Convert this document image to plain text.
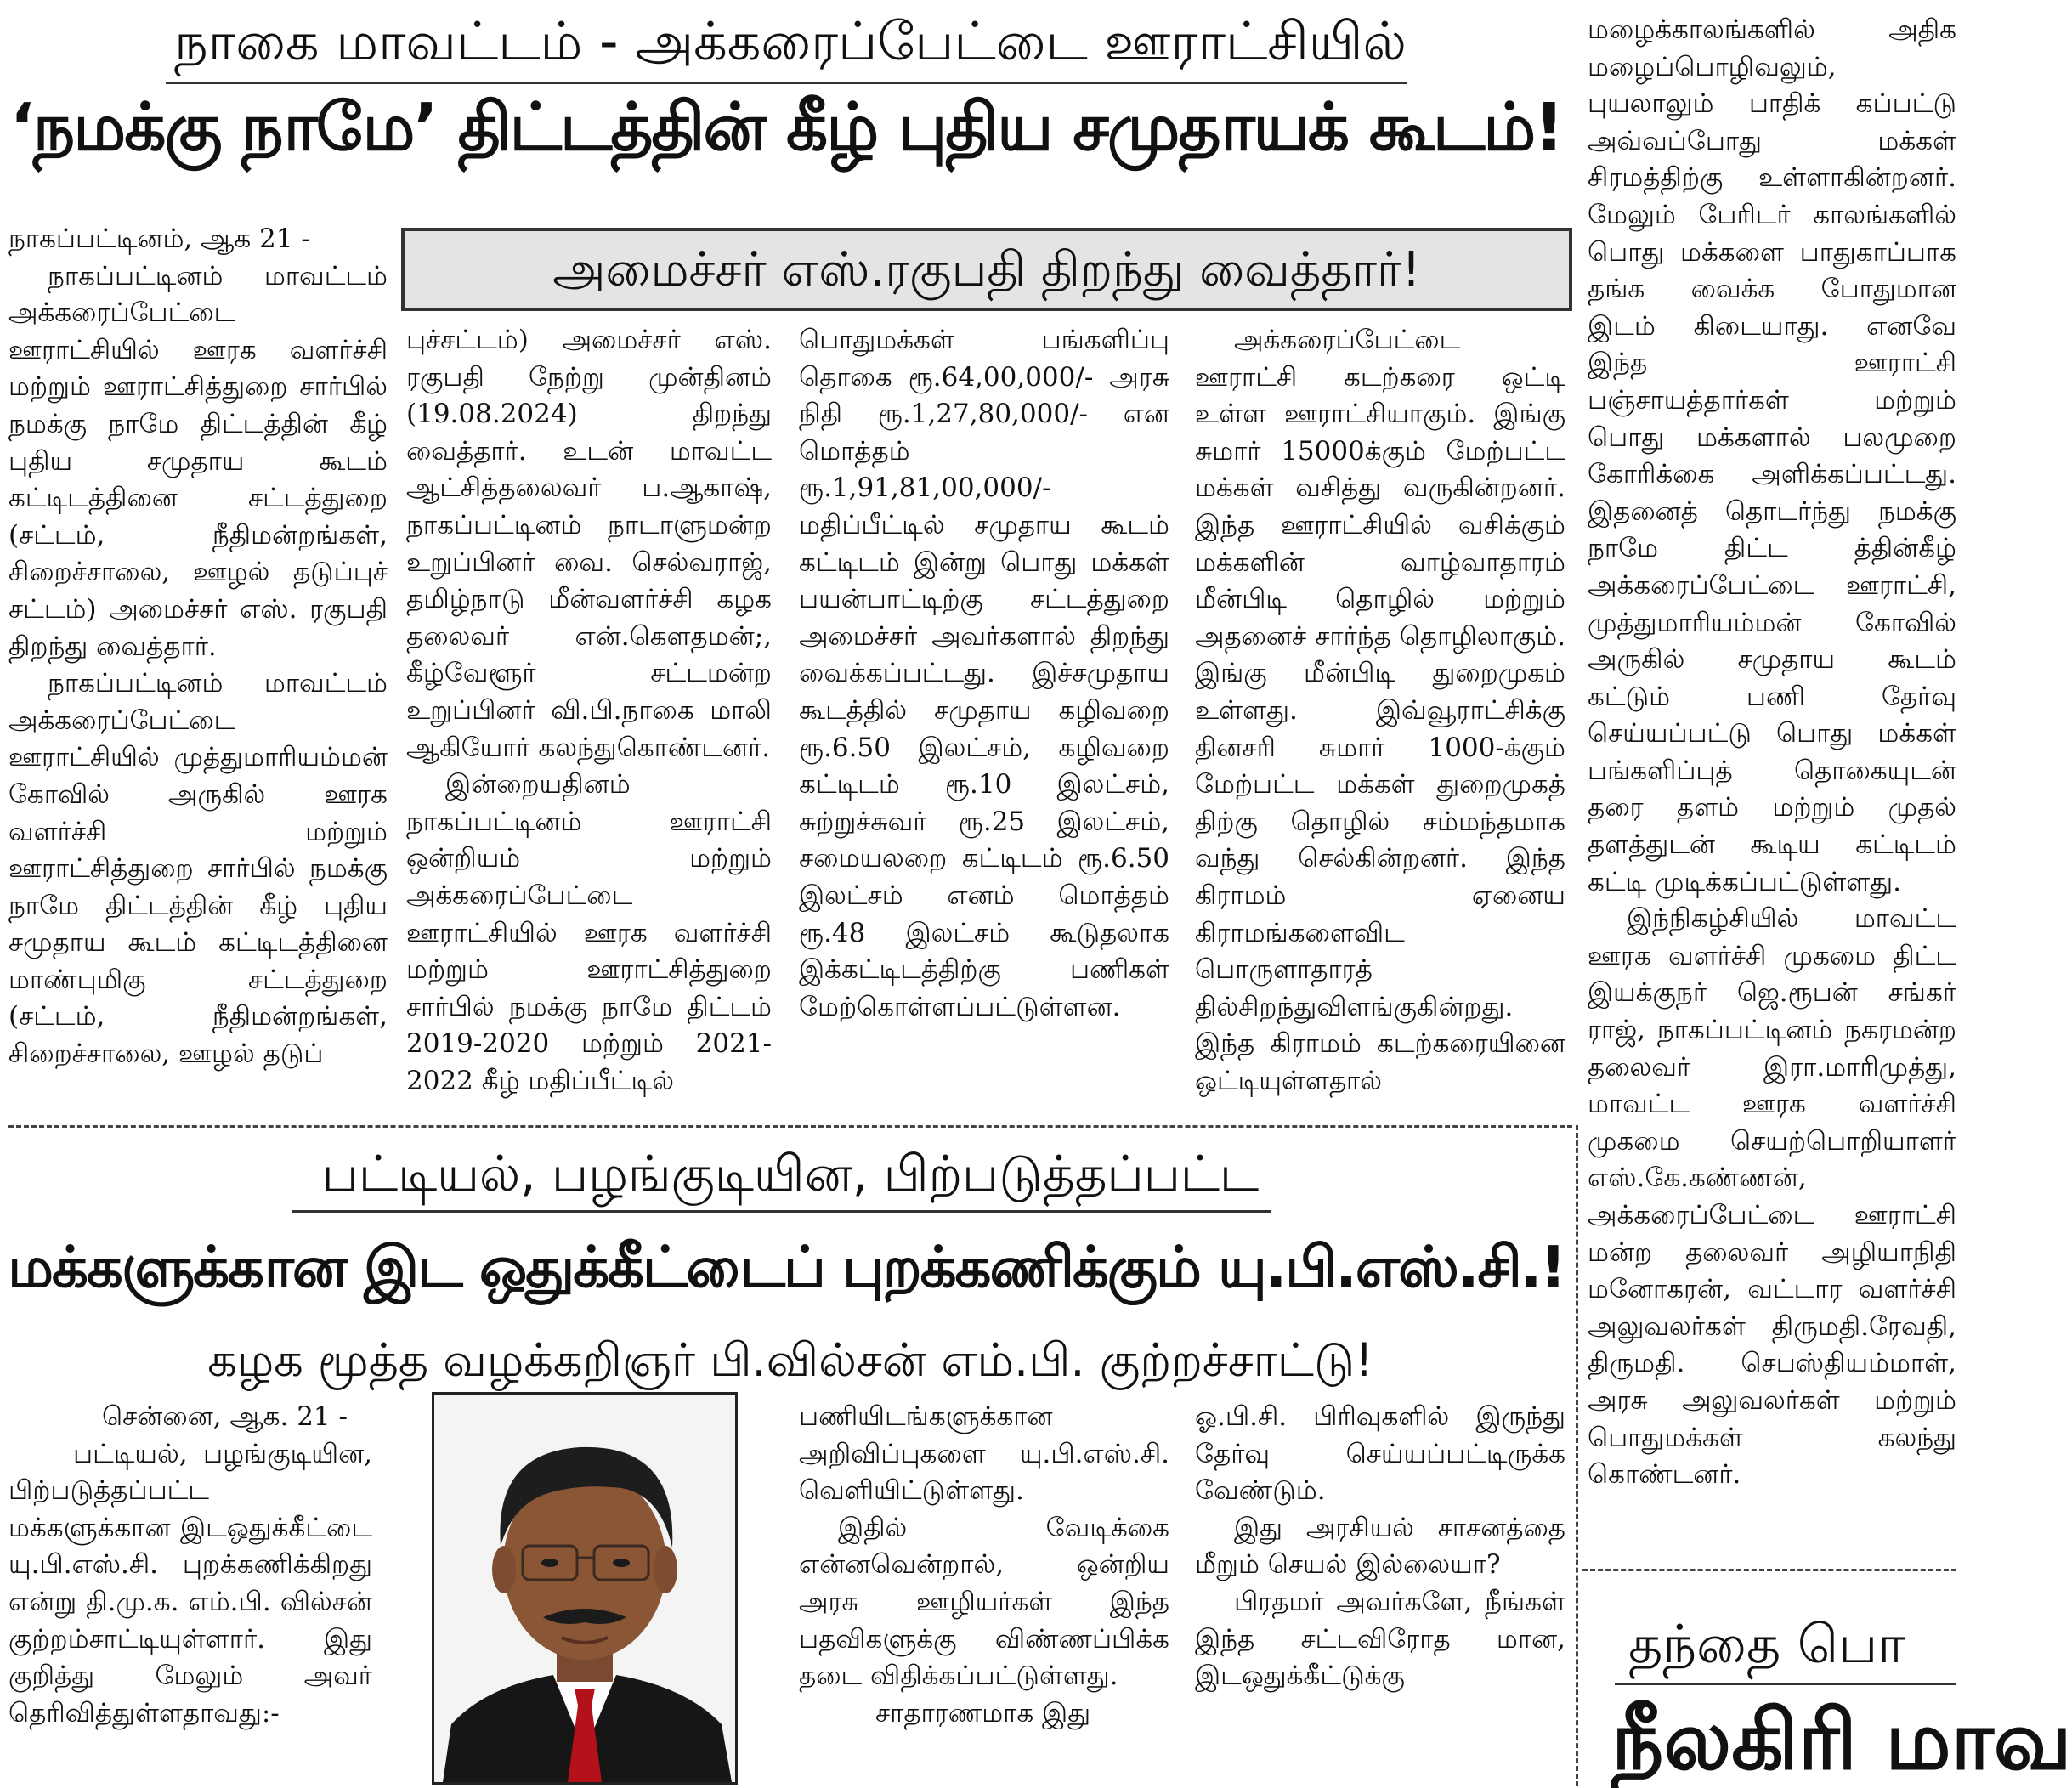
நாகை மாவட்டம் - அக்கரைப்பேட்டை ஊராட்சியில்
‘நமக்கு நாமே’ திட்டத்தின் கீழ் புதிய சமுதாயக் கூடம்!
அமைச்சர் எஸ்.ரகுபதி திறந்து வைத்தார்!

நாகப்பட்டினம், ஆக 21 -

நாகப்பட்டினம் மாவட்டம் அக்கரைப்பேட்டை ஊராட்சியில் ஊரக வளர்ச்சி மற்றும் ஊராட்சித்துறை சார்பில் நமக்கு நாமே திட்டத்தின் கீழ் புதிய சமுதாய கூடம் கட்டிடத்தினை சட்டத்துறை (சட்டம், நீதிமன்றங்கள், சிறைச்சாலை, ஊழல் தடுப்புச் சட்டம்) அமைச்சர் எஸ். ரகுபதி திறந்து வைத்தார்.

நாகப்பட்டினம் மாவட்டம் அக்கரைப்பேட்டை ஊராட்சியில் முத்துமாரியம்மன் கோவில் அருகில் ஊரக வளர்ச்சி மற்றும் ஊராட்சித்துறை சார்பில் நமக்கு நாமே திட்டத்தின் கீழ் புதிய சமுதாய கூடம் கட்டிடத்தினை மாண்புமிகு சட்டத்துறை (சட்டம், நீதிமன்றங்கள், சிறைச்சாலை, ஊழல் தடுப்

புச்சட்டம்) அமைச்சர் எஸ். ரகுபதி நேற்று முன்தினம் (19.08.2024) திறந்து வைத்தார். உடன் மாவட்ட ஆட்சித்தலைவர் ப.ஆகாஷ், நாகப்பட்டினம் நாடாளுமன்ற உறுப்பினர் வை. செல்வராஜ், தமிழ்நாடு மீன்வளர்ச்சி கழக தலைவர் என்.கௌதமன்;, கீழ்வேளூர் சட்டமன்ற உறுப்பினர் வி.பி.நாகை மாலி ஆகியோர் கலந்துகொண்டனர்.

இன்றையதினம் நாகப்பட்டினம் ஊராட்சி ஒன்றியம் மற்றும் அக்கரைப்பேட்டை ஊராட்சியில் ஊரக வளர்ச்சி மற்றும் ஊராட்சித்துறை சார்பில் நமக்கு நாமே திட்டம் 2019-2020 மற்றும் 2021-2022 கீழ் மதிப்பீட்டில்

பொதுமக்கள் பங்களிப்பு தொகை ரூ.64,00,000/- அரசு நிதி ரூ.1,27,80,000/- என மொத்தம் ரூ.1,91,81,00,000/- மதிப்பீட்டில் சமுதாய கூடம் கட்டிடம் இன்று பொது மக்கள் பயன்பாட்டிற்கு சட்டத்துறை அமைச்சர் அவர்களால் திறந்து வைக்கப்பட்டது. இச்சமுதாய கூடத்தில் சமுதாய கழிவறை ரூ.6.50 இலட்சம், கழிவறை கட்டிடம் ரூ.10 இலட்சம், சுற்றுச்சுவர் ரூ.25 இலட்சம், சமையலறை கட்டிடம் ரூ.6.50 இலட்சம் எனம் மொத்தம் ரூ.48 இலட்சம் கூடுதலாக இக்கட்டிடத்திற்கு பணிகள் மேற்கொள்ளப்பட்டுள்ளன.

அக்கரைப்பேட்டை ஊராட்சி கடற்கரை ஒட்டி உள்ள ஊராட்சியாகும். இங்கு சுமார் 15000க்கும் மேற்பட்ட மக்கள் வசித்து வருகின்றனர். இந்த ஊராட்சியில் வசிக்கும் மக்களின் வாழ்வாதாரம் மீன்பிடி தொழில் மற்றும் அதனைச் சார்ந்த தொழிலாகும். இங்கு மீன்பிடி துறைமுகம் உள்ளது. இவ்வூராட்சிக்கு தினசரி சுமார் 1000-க்கும் மேற்பட்ட மக்கள் துறைமுகத் திற்கு தொழில் சம்மந்தமாக வந்து செல்கின்றனர். இந்த கிராமம் ஏனைய கிராமங்களைவிட பொருளாதாரத் தில்சிறந்துவிளங்குகின்றது. இந்த கிராமம் கடற்கரையினை ஒட்டியுள்ளதால்

மழைக்காலங்களில் அதிக மழைப்பொழிவலும், புயலாலும் பாதிக் கப்பட்டு அவ்வப்போது மக்கள் சிரமத்திற்கு உள்ளாகின்றனர். மேலும் பேரிடர் காலங்களில் பொது மக்களை பாதுகாப்பாக தங்க வைக்க போதுமான இடம் கிடையாது. எனவே இந்த ஊராட்சி பஞ்சாயத்தார்கள் மற்றும் பொது மக்களால் பலமுறை கோரிக்கை அளிக்கப்பட்டது. இதனைத் தொடர்ந்து நமக்கு நாமே திட்ட த்தின்கீழ் அக்கரைப்பேட்டை ஊராட்சி, முத்துமாரியம்மன் கோவில் அருகில் சமுதாய கூடம் கட்டும் பணி தேர்வு செய்யப்பட்டு பொது மக்கள் பங்களிப்புத் தொகையுடன் தரை தளம் மற்றும் முதல் தளத்துடன் கூடிய கட்டிடம் கட்டி முடிக்கப்பட்டுள்ளது.

இந்நிகழ்சியில் மாவட்ட ஊரக வளர்ச்சி முகமை திட்ட இயக்குநர் ஜெ.ரூபன் சங்கர் ராஜ், நாகப்பட்டினம் நகரமன்ற தலைவர் இரா.மாரிமுத்து, மாவட்ட ஊரக வளர்ச்சி முகமை செயற்பொறியாளர் எஸ்.கே.கண்ணன், அக்கரைப்பேட்டை ஊராட்சி மன்ற தலைவர் அழியாநிதி மனோகரன், வட்டார வளர்ச்சி அலுவலர்கள் திருமதி.ரேவதி, திருமதி. செபஸ்தியம்மாள், அரசு அலுவலர்கள் மற்றும் பொதுமக்கள் கலந்து கொண்டனர்.

பட்டியல், பழங்குடியின, பிற்படுத்தப்பட்ட
மக்களுக்கான இட ஒதுக்கீட்டைப் புறக்கணிக்கும் யு.பி.எஸ்.சி.!
கழக மூத்த வழக்கறிஞர் பி.வில்சன் எம்.பி. குற்றச்சாட்டு!

சென்னை, ஆக. 21 -

பட்டியல், பழங்குடியின, பிற்படுத்தப்பட்ட மக்களுக்கான இடஒதுக்கீட்டை யு.பி.எஸ்.சி. புறக்கணிக்கிறது என்று தி.மு.க. எம்.பி. வில்சன் குற்றம்சாட்டியுள்ளார். இது குறித்து மேலும் அவர் தெரிவித்துள்ளதாவது:-

பணியிடங்களுக்கான அறிவிப்புகளை யு.பி.எஸ்.சி. வெளியிட்டுள்ளது.

இதில் வேடிக்கை என்னவென்றால், ஒன்றிய அரசு ஊழியர்கள் இந்த பதவிகளுக்கு விண்ணப்பிக்க தடை விதிக்கப்பட்டுள்ளது.

சாதாரணமாக இது

ஓ.பி.சி. பிரிவுகளில் இருந்து தேர்வு செய்யப்பட்டிருக்க வேண்டும்.

இது அரசியல் சாசனத்தை மீறும் செயல் இல்லையா?

பிரதமர் அவர்களே, நீங்கள் இந்த சட்டவிரோத மான, இடஒதுக்கீட்டுக்கு

தந்தை பொ
நீலகிரி மாவ
